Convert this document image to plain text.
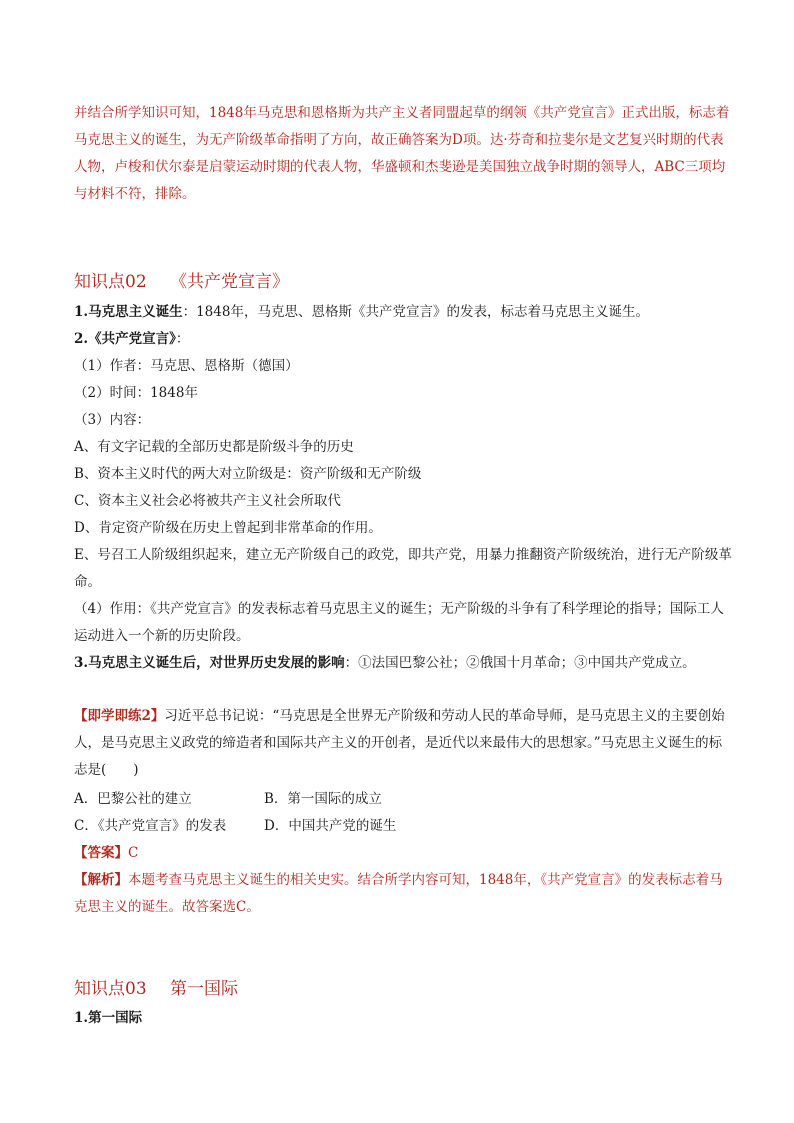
并结合所学知识可知，1848年马克思和恩格斯为共产主义者同盟起草的纲领《共产党宣言》正式出版，标志着马克思主义的诞生，为无产阶级革命指明了方向，故正确答案为D项。达·芬奇和拉斐尔是文艺复兴时期的代表人物，卢梭和伏尔泰是启蒙运动时期的代表人物，华盛顿和杰斐逊是美国独立战争时期的领导人，ABC三项均与材料不符，排除。

知识点02 《共产党宣言》
1.马克思主义诞生：1848年，马克思、恩格斯《共产党宣言》的发表，标志着马克思主义诞生。
2.《共产党宣言》：
（1）作者：马克思、恩格斯（德国）
（2）时间：1848年
（3）内容：
A、有文字记载的全部历史都是阶级斗争的历史
B、资本主义时代的两大对立阶级是：资产阶级和无产阶级
C、资本主义社会必将被共产主义社会所取代
D、肯定资产阶级在历史上曾起到非常革命的作用。

E、号召工人阶级组织起来，建立无产阶级自己的政党，即共产党，用暴力推翻资产阶级统治，进行无产阶级革命。

（4）作用：《共产党宣言》的发表标志着马克思主义的诞生；无产阶级的斗争有了科学理论的指导；国际工人运动进入一个新的历史阶段。

3.马克思主义诞生后，对世界历史发展的影响：①法国巴黎公社；②俄国十月革命；③中国共产党成立。

【即学即练2】习近平总书记说：“马克思是全世界无产阶级和劳动人民的革命导师，是马克思主义的主要创始人，是马克思主义政党的缔造者和国际共产主义的开创者，是近代以来最伟大的思想家。”马克思主义诞生的标志是(　　)

A．巴黎公社的建立	B．第一国际的成立
C．《共产党宣言》的发表	D．中国共产党的诞生
【答案】C

【解析】本题考查马克思主义诞生的相关史实。结合所学内容可知，1848年，《共产党宣言》的发表标志着马克思主义的诞生。故答案选C。

知识点03 第一国际
1.第一国际
